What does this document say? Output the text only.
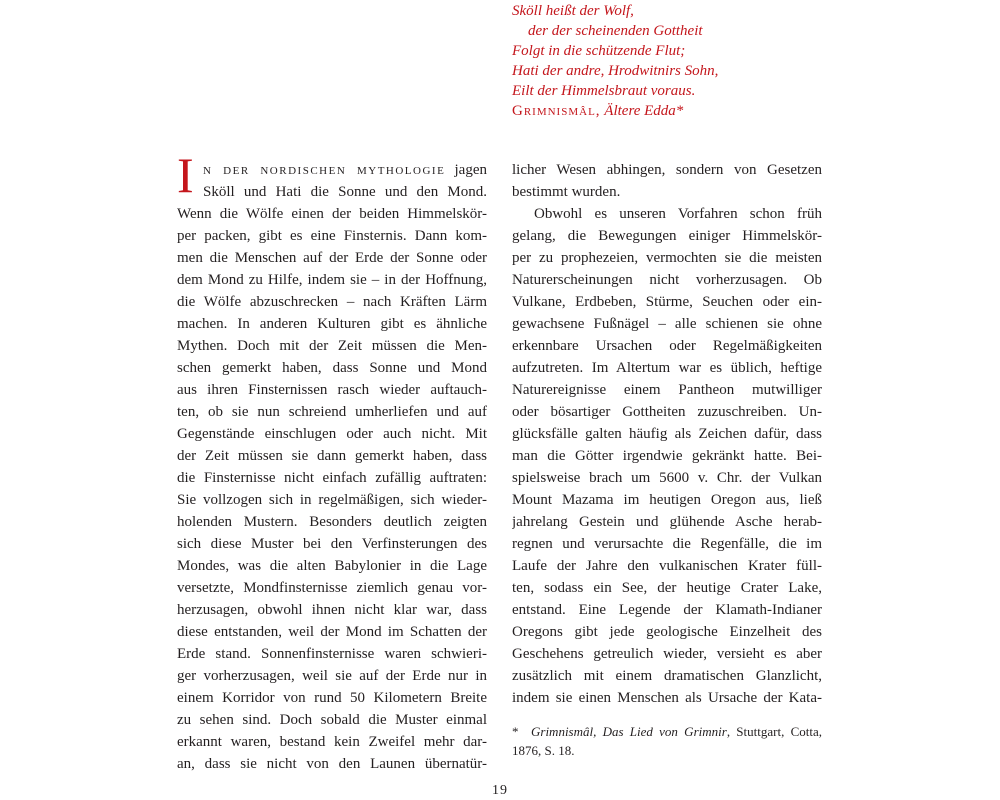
Sköll heißt der Wolf,
der der scheinenden Gottheit
Folgt in die schützende Flut;
Hati der andre, Hrodwitnirs Sohn,
Eilt der Himmelsbraut voraus.
Grimnismâl, Ältere Edda*
I n der nordischen mythologie jagen
Sköll und Hati die Sonne und den Mond.
Wenn die Wölfe einen der beiden Himmelskör-
per packen, gibt es eine Finsternis. Dann kom-
men die Menschen auf der Erde der Sonne oder
dem Mond zu Hilfe, indem sie – in der Hoffnung,
die Wölfe abzuschrecken – nach Kräften Lärm
machen. In anderen Kulturen gibt es ähnliche
Mythen. Doch mit der Zeit müssen die Men-
schen gemerkt haben, dass Sonne und Mond
aus ihren Finsternissen rasch wieder auftauch-
ten, ob sie nun schreiend umherliefen und auf
Gegenstände einschlugen oder auch nicht. Mit
der Zeit müssen sie dann gemerkt haben, dass
die Finsternisse nicht einfach zufällig auftraten:
Sie vollzogen sich in regelmäßigen, sich wieder-
holenden Mustern. Besonders deutlich zeigten
sich diese Muster bei den Verfinsterungen des
Mondes, was die alten Babylonier in die Lage
versetzte, Mondfinsternisse ziemlich genau vor-
herzusagen, obwohl ihnen nicht klar war, dass
diese entstanden, weil der Mond im Schatten der
Erde stand. Sonnenfinsternisse waren schwieri-
ger vorherzusagen, weil sie auf der Erde nur in
einem Korridor von rund 50 Kilometern Breite
zu sehen sind. Doch sobald die Muster einmal
erkannt waren, bestand kein Zweifel mehr dar-
an, dass sie nicht von den Launen übernatür-
licher Wesen abhingen, sondern von Gesetzen
bestimmt wurden.
Obwohl es unseren Vorfahren schon früh
gelang, die Bewegungen einiger Himmelskör-
per zu prophezeien, vermochten sie die meisten
Naturerscheinungen nicht vorherzusagen. Ob
Vulkane, Erdbeben, Stürme, Seuchen oder ein-
gewachsene Fußnägel – alle schienen sie ohne
erkennbare Ursachen oder Regelmäßigkeiten
aufzutreten. Im Altertum war es üblich, heftige
Naturereignisse einem Pantheon mutwilliger
oder bösartiger Gottheiten zuzuschreiben. Un-
glücksfälle galten häufig als Zeichen dafür, dass
man die Götter irgendwie gekränkt hatte. Bei-
spielsweise brach um 5600 v. Chr. der Vulkan
Mount Mazama im heutigen Oregon aus, ließ
jahrelang Gestein und glühende Asche herab-
regnen und verursachte die Regenfälle, die im
Laufe der Jahre den vulkanischen Krater füll-
ten, sodass ein See, der heutige Crater Lake,
entstand. Eine Legende der Klamath-Indianer
Oregons gibt jede geologische Einzelheit des
Geschehens getreulich wieder, versieht es aber
zusätzlich mit einem dramatischen Glanzlicht,
indem sie einen Menschen als Ursache der Kata-
* Grimnismâl, Das Lied von Grimnir, Stuttgart, Cotta, 1876, S. 18.
19
